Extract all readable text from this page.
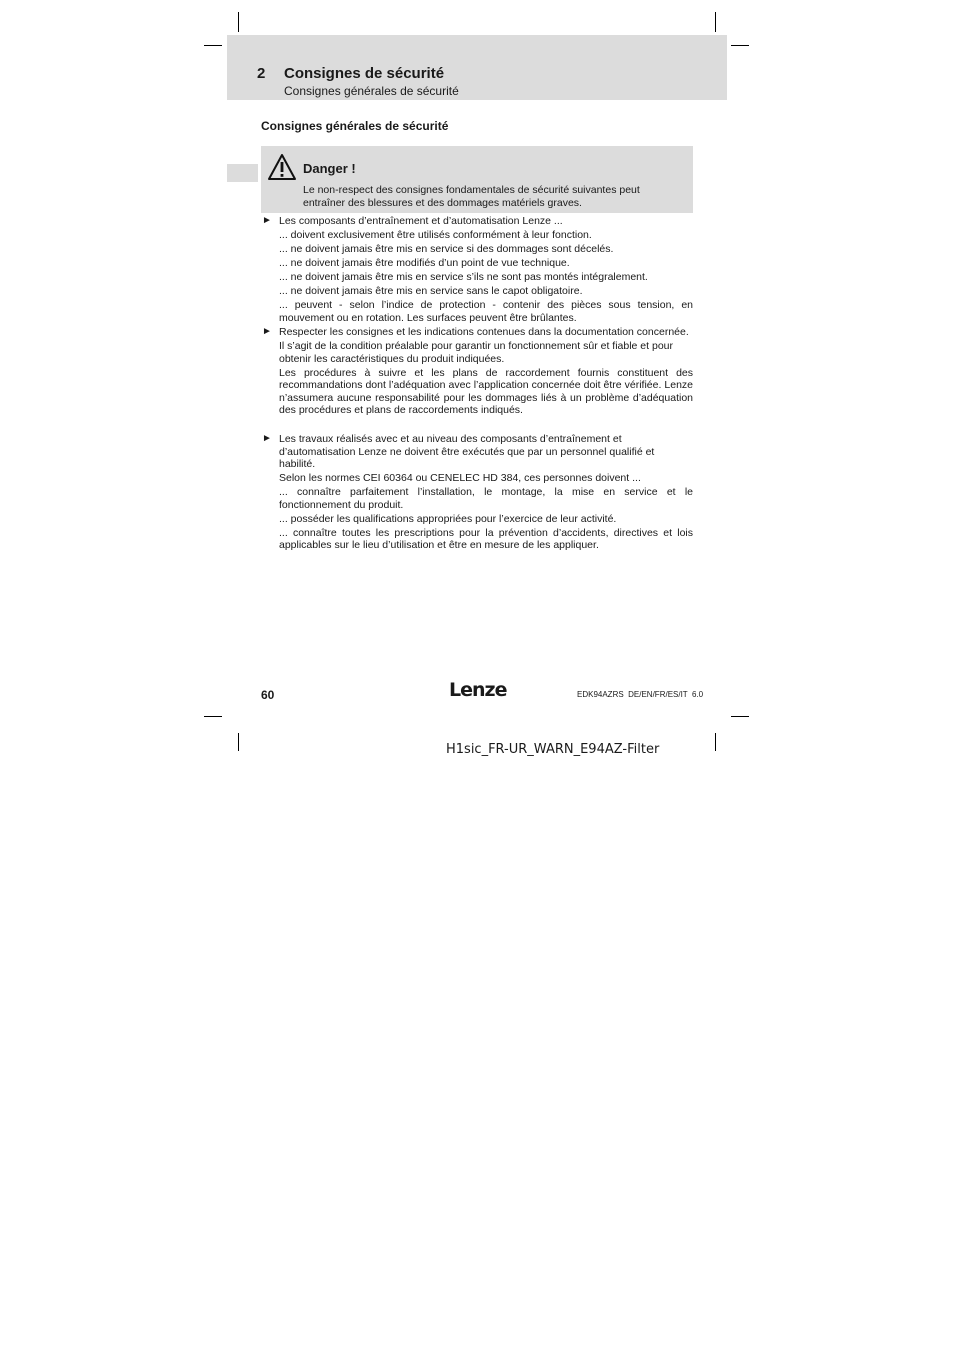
2 Consignes de sécurité
Consignes générales de sécurité
Consignes générales de sécurité
Danger !
Le non-respect des consignes fondamentales de sécurité suivantes peut entraîner des blessures et des dommages matériels graves.
► Les composants d’entraînement et d’automatisation Lenze ...

... doivent exclusivement être utilisés conformément à leur fonction.

... ne doivent jamais être mis en service si des dommages sont décelés.

... ne doivent jamais être modifiés d’un point de vue technique.

... ne doivent jamais être mis en service s’ils ne sont pas montés intégralement.

... ne doivent jamais être mis en service sans le capot obligatoire.

... peuvent - selon l’indice de protection - contenir des pièces sous tension, en mouvement ou en rotation. Les surfaces peuvent être brûlantes.

► Respecter les consignes et les indications contenues dans la documentation concernée.

Il s’agit de la condition préalable pour garantir un fonctionnement sûr et fiable et pour obtenir les caractéristiques du produit indiquées.

Les procédures à suivre et les plans de raccordement fournis constituent des recommandations dont l’adéquation avec l’application concernée doit être vérifiée. Lenze n’assumera aucune responsabilité pour les dommages liés à un problème d’adéquation des procédures et plans de raccordements indiqués.

► Les travaux réalisés avec et au niveau des composants d’entraînement et d’automatisation Lenze ne doivent être exécutés que par un personnel qualifié et habilité.

Selon les normes CEI 60364 ou CENELEC HD 384, ces personnes doivent ...

... connaître parfaitement l’installation, le montage, la mise en service et le fonctionnement du produit.

... posséder les qualifications appropriées pour l’exercice de leur activité.

... connaître toutes les prescriptions pour la prévention d’accidents, directives et lois applicables sur le lieu d’utilisation et être en mesure de les appliquer.

60	Lenze	EDK94AZRS  DE/EN/FR/ES/IT  6.0
H1sic_FR-UR_WARN_E94AZ-Filter
